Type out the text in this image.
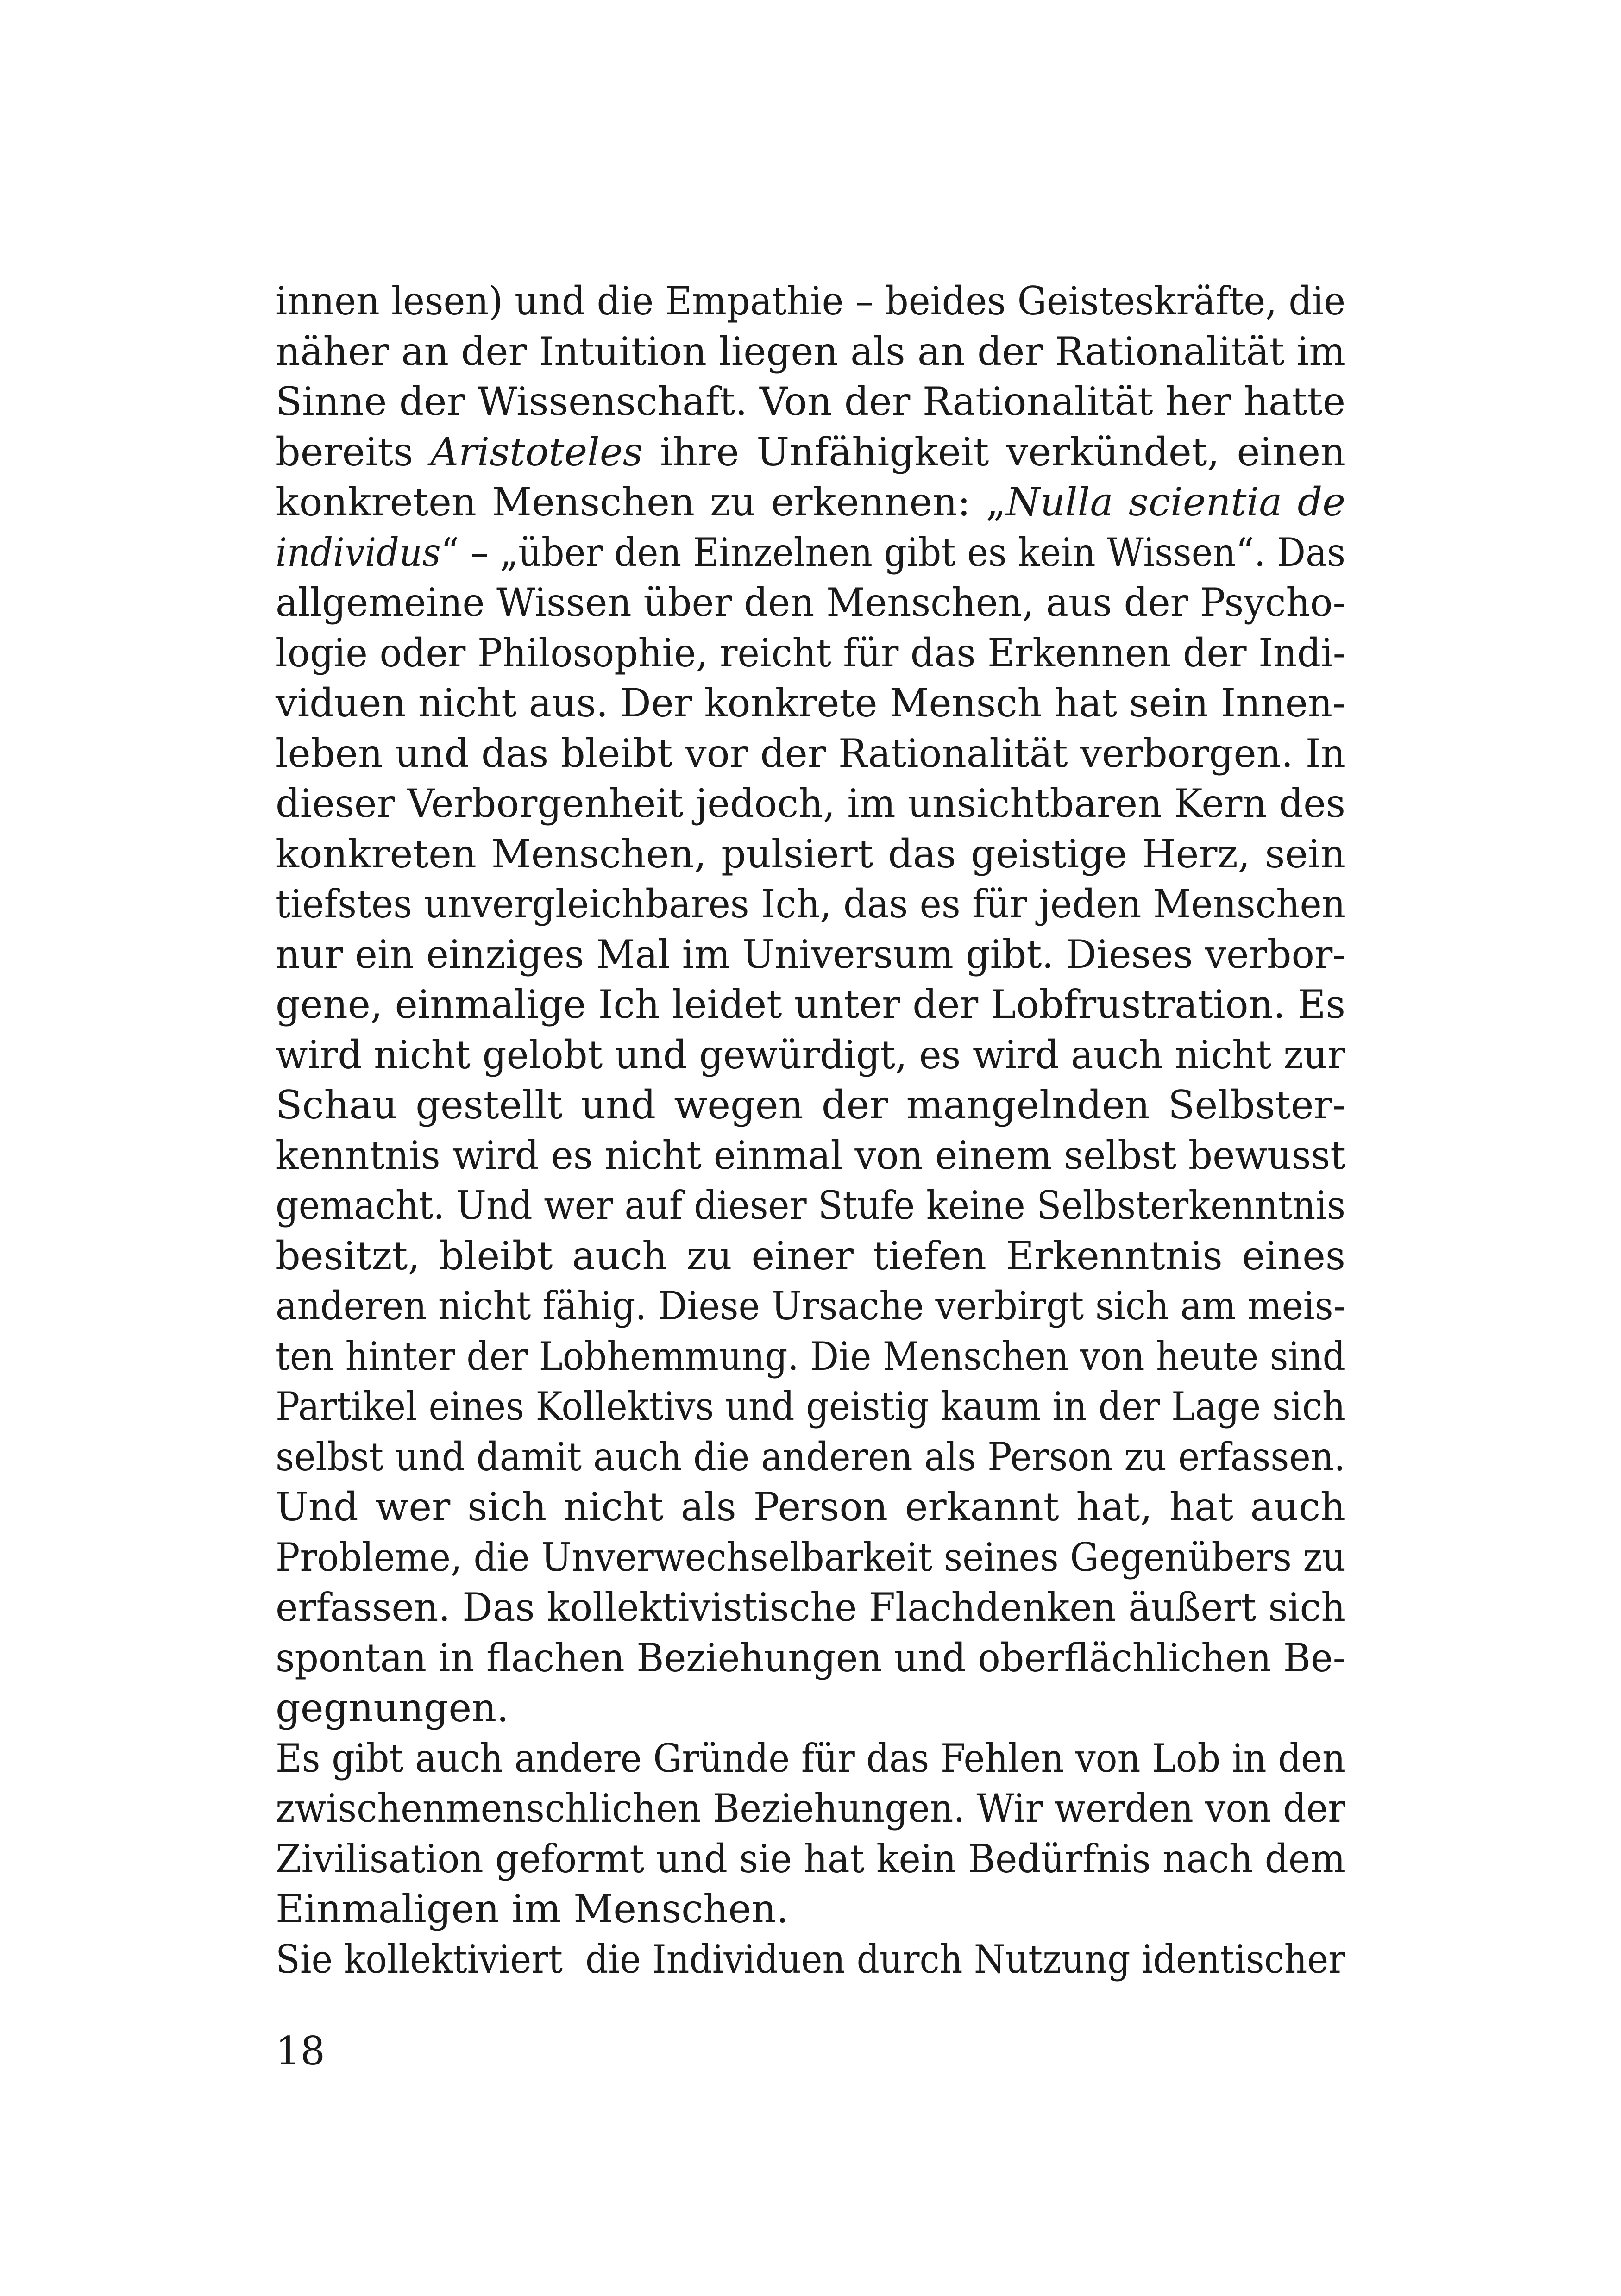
innen lesen) und die Empathie – beides Geisteskräfte, die
näher an der Intuition liegen als an der Rationalität im
Sinne der Wissenschaft. Von der Rationalität her hatte
bereits Aristoteles ihre Unfähigkeit verkündet, einen
konkreten Menschen zu erkennen: „Nulla scientia de
individus“ – „über den Einzelnen gibt es kein Wissen“. Das
allgemeine Wissen über den Menschen, aus der Psycho-
logie oder Philosophie, reicht für das Erkennen der Indi-
viduen nicht aus. Der konkrete Mensch hat sein Innen-
leben und das bleibt vor der Rationalität verborgen. In
dieser Verborgenheit jedoch, im unsichtbaren Kern des
konkreten Menschen, pulsiert das geistige Herz, sein
tiefstes unvergleichbares Ich, das es für jeden Menschen
nur ein einziges Mal im Universum gibt. Dieses verbor-
gene, einmalige Ich leidet unter der Lobfrustration. Es
wird nicht gelobt und gewürdigt, es wird auch nicht zur
Schau gestellt und wegen der mangelnden Selbster-
kenntnis wird es nicht einmal von einem selbst bewusst
gemacht. Und wer auf dieser Stufe keine Selbsterkenntnis
besitzt, bleibt auch zu einer tiefen Erkenntnis eines
anderen nicht fähig. Diese Ursache verbirgt sich am meis-
ten hinter der Lobhemmung. Die Menschen von heute sind
Partikel eines Kollektivs und geistig kaum in der Lage sich
selbst und damit auch die anderen als Person zu erfassen.
Und wer sich nicht als Person erkannt hat, hat auch
Probleme, die Unverwechselbarkeit seines Gegenübers zu
erfassen. Das kollektivistische Flachdenken äußert sich
spontan in flachen Beziehungen und oberflächlichen Be-
gegnungen.
Es gibt auch andere Gründe für das Fehlen von Lob in den
zwischenmenschlichen Beziehungen. Wir werden von der
Zivilisation geformt und sie hat kein Bedürfnis nach dem
Einmaligen im Menschen.
Sie kollektiviert  die Individuen durch Nutzung identischer
18
